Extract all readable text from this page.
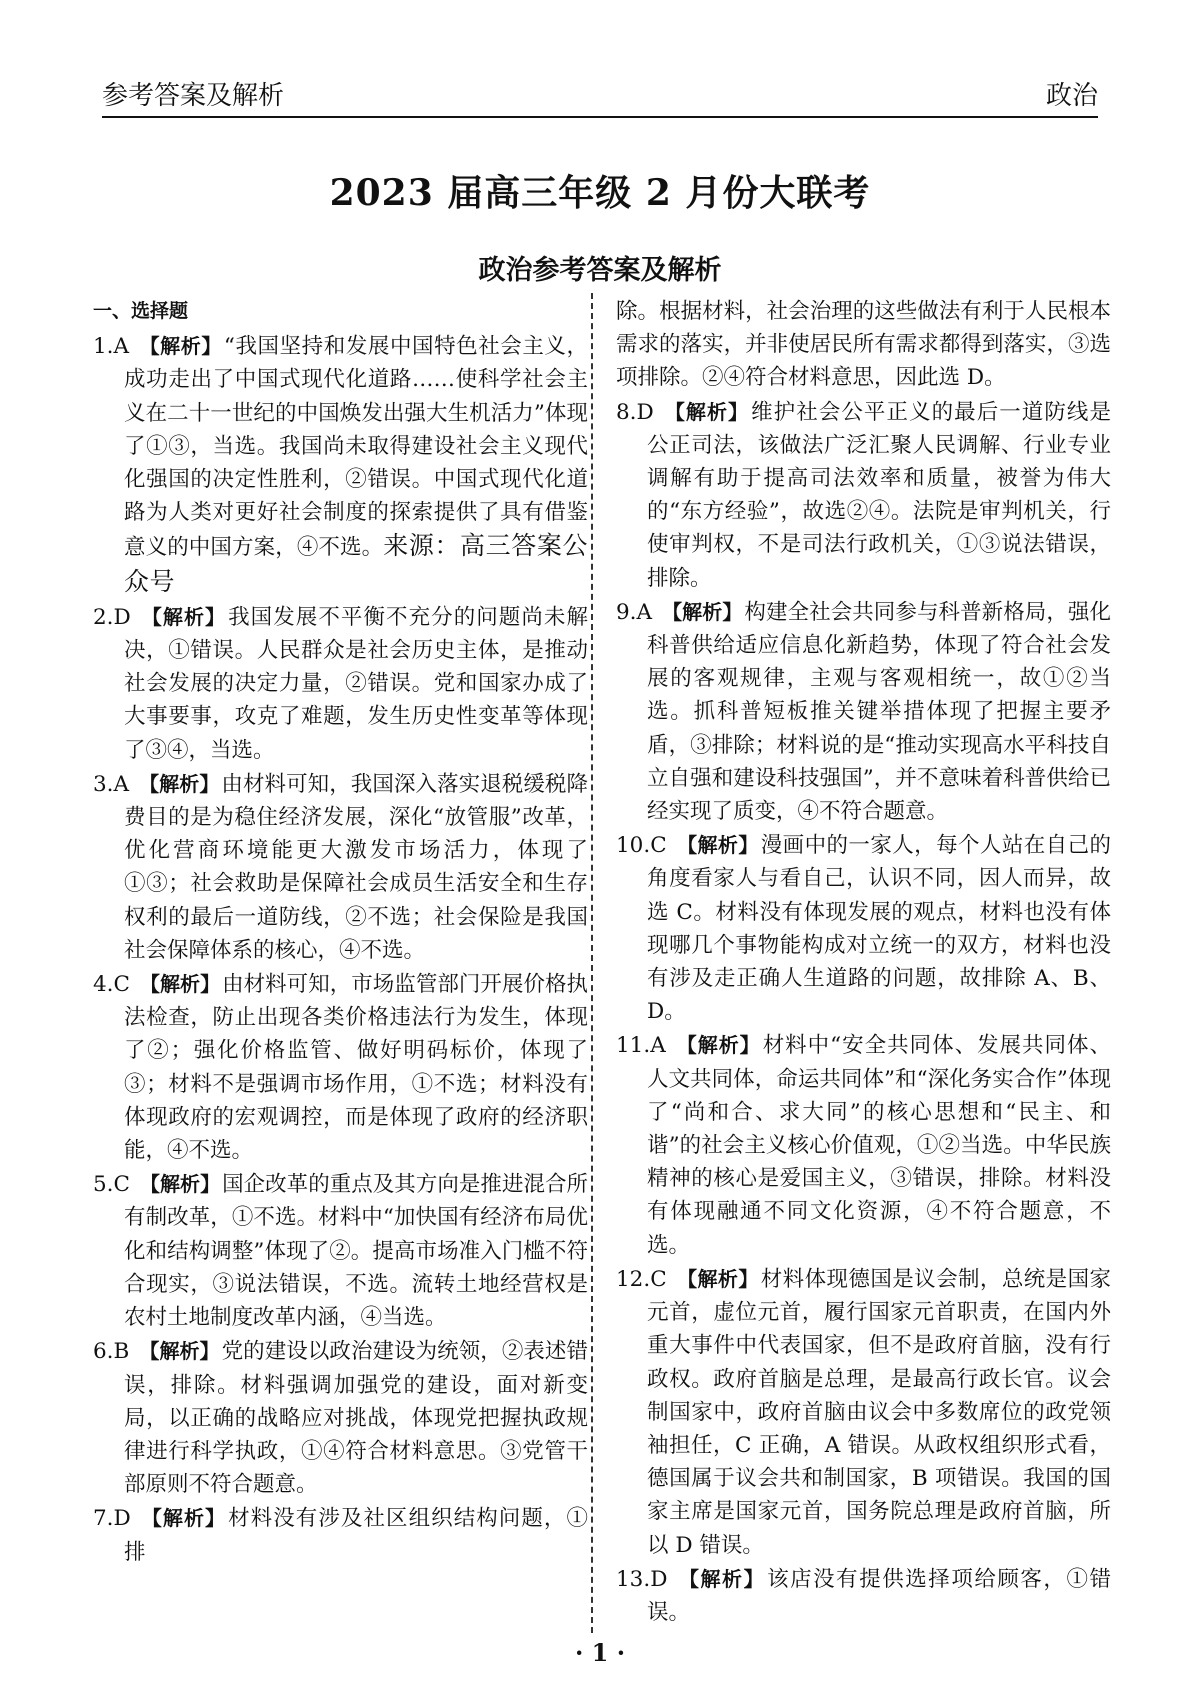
参考答案及解析	政治
2023 届高三年级 2 月份大联考
政治参考答案及解析
一、选择题
1.A 【解析】“我国坚持和发展中国特色社会主义，成功走出了中国式现代化道路……使科学社会主义在二十一世纪的中国焕发出强大生机活力”体现了①③，当选。我国尚未取得建设社会主义现代化强国的决定性胜利，②错误。中国式现代化道路为人类对更好社会制度的探索提供了具有借鉴意义的中国方案，④不选。来源：高三答案公众号
2.D 【解析】我国发展不平衡不充分的问题尚未解决，①错误。人民群众是社会历史主体，是推动社会发展的决定力量，②错误。党和国家办成了大事要事，攻克了难题，发生历史性变革等体现了③④，当选。
3.A 【解析】由材料可知，我国深入落实退税缓税降费目的是为稳住经济发展，深化“放管服”改革，优化营商环境能更大激发市场活力，体现了①③；社会救助是保障社会成员生活安全和生存权利的最后一道防线，②不选；社会保险是我国社会保障体系的核心，④不选。
4.C 【解析】由材料可知，市场监管部门开展价格执法检查，防止出现各类价格违法行为发生，体现了②；强化价格监管、做好明码标价，体现了③；材料不是强调市场作用，①不选；材料没有体现政府的宏观调控，而是体现了政府的经济职能，④不选。
5.C 【解析】国企改革的重点及其方向是推进混合所有制改革，①不选。材料中“加快国有经济布局优化和结构调整”体现了②。提高市场准入门槛不符合现实，③说法错误，不选。流转土地经营权是农村土地制度改革内涵，④当选。
6.B 【解析】党的建设以政治建设为统领，②表述错误，排除。材料强调加强党的建设，面对新变局，以正确的战略应对挑战，体现党把握执政规律进行科学执政，①④符合材料意思。③党管干部原则不符合题意。
7.D 【解析】材料没有涉及社区组织结构问题，①排
除。根据材料，社会治理的这些做法有利于人民根本需求的落实，并非使居民所有需求都得到落实，③选项排除。②④符合材料意思，因此选 D。
8.D 【解析】维护社会公平正义的最后一道防线是公正司法，该做法广泛汇聚人民调解、行业专业调解有助于提高司法效率和质量，被誉为伟大的“东方经验”，故选②④。法院是审判机关，行使审判权，不是司法行政机关，①③说法错误，排除。
9.A 【解析】构建全社会共同参与科普新格局，强化科普供给适应信息化新趋势，体现了符合社会发展的客观规律，主观与客观相统一，故①②当选。抓科普短板推关键举措体现了把握主要矛盾，③排除；材料说的是“推动实现高水平科技自立自强和建设科技强国”，并不意味着科普供给已经实现了质变，④不符合题意。
10.C 【解析】漫画中的一家人，每个人站在自己的角度看家人与看自己，认识不同，因人而异，故选 C。材料没有体现发展的观点，材料也没有体现哪几个事物能构成对立统一的双方，材料也没有涉及走正确人生道路的问题，故排除 A、B、D。
11.A 【解析】材料中“安全共同体、发展共同体、人文共同体，命运共同体”和“深化务实合作”体现了“尚和合、求大同”的核心思想和“民主、和谐”的社会主义核心价值观，①②当选。中华民族精神的核心是爱国主义，③错误，排除。材料没有体现融通不同文化资源，④不符合题意，不选。
12.C 【解析】材料体现德国是议会制，总统是国家元首，虚位元首，履行国家元首职责，在国内外重大事件中代表国家，但不是政府首脑，没有行政权。政府首脑是总理，是最高行政长官。议会制国家中，政府首脑由议会中多数席位的政党领袖担任，C 正确，A 错误。从政权组织形式看，德国属于议会共和制国家，B 项错误。我国的国家主席是国家元首，国务院总理是政府首脑，所以 D 错误。
13.D 【解析】该店没有提供选择项给顾客，①错误。
· 1 ·
